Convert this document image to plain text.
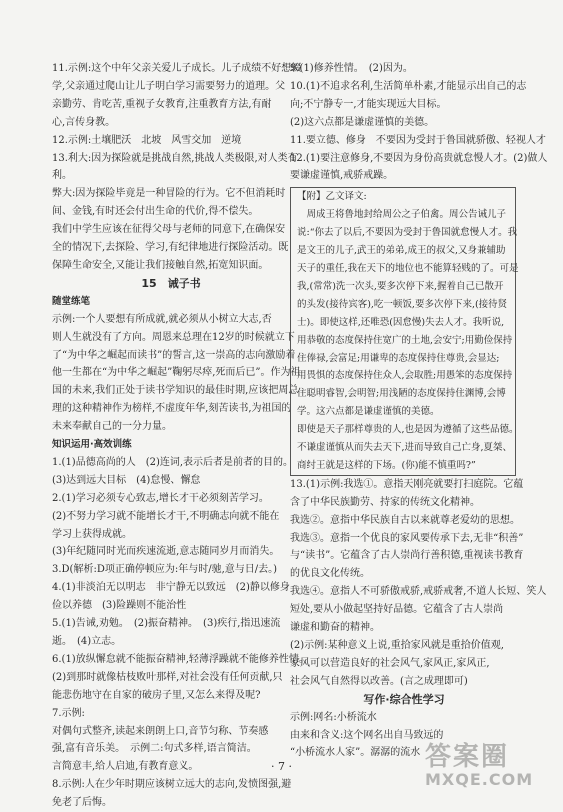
11.示例:这个中年父亲关爱儿子成长。儿子成绩不好想辍
学,父亲通过爬山让儿子明白学习需要努力的道理。父
亲勤劳、肯吃苦,重视子女教育,注重教育方法,有耐
心,言传身教。
12.示例:土壤肥沃　北坡　风雪交加　逆境
13.利大:因为探险就是挑战自然,挑战人类极限,对人类有
利。
弊大:因为探险毕竟是一种冒险的行为。它不但消耗时
间、金钱,有时还会付出生命的代价,得不偿失。
我们中学生应该在征得父母与老师的同意下,在确保安
全的情况下,去探险、学习,有纪律地进行探险活动。既
保障生命安全,又能让我们接触自然,拓宽知识面。
15　诫子书
随堂练笔
示例:一个人要想有所成就,就必须从小树立大志,否
则人生就没有了方向。周恩来总理在12岁的时候就立下
了“为中华之崛起而读书”的誓言,这一崇高的志向激励着
他一生都在“为中华之崛起”鞠躬尽瘁,死而后已”。作为祖
国的未来,我们正处于读书学知识的最佳时期,应该把周总
理的这种精神作为榜样,不虚度年华,刻苦读书,为祖国的
未来奉献自己的一分力量。
知识运用·高效训练
1.(1)品德高尚的人　(2)连词,表示后者是前者的目的。
(3)达到远大目标　(4)怠慢、懈怠
2.(1)学习必须专心致志,增长才干必须刻苦学习。
(2)不努力学习就不能增长才干,不明确志向就不能在
学习上获得成就。
(3)年纪随同时光而疾速流逝,意志随同岁月而消失。
3.D(解析:D项正确停顿应为:年与时/驰,意与日/去。)
4.(1)非淡泊无以明志　非宁静无以致远　(2)静以修身
俭以养德　(3)险躁则不能治性
5.(1)告诫,劝勉。　(2)振奋精神。　(3)疾行,指迅速流
逝。　(4)立志。
6.(1)放纵懈怠就不能振奋精神,轻薄浮躁就不能修养性情。
(2)到那时就像枯枝败叶那样,对社会没有任何贡献,只
能悲伤地守在自家的破房子里,又怎么来得及呢?
7.示例:
对偶句式整齐,读起来朗朗上口,音节匀称、节奏感
强,富有音乐美。　示例二:句式多样,语言简洁。
言简意丰,给人启迪,有教育意义。
8.示例:人在少年时期应该树立远大的志向,发愤图强,避
免老了后悔。
9.(1)修养性情。　(2)因为。
10.(1)不追求名利,生活简单朴素,才能显示出自己的志
向;不宁静专一,才能实现远大目标。
(2)这六点都是谦虚谨慎的美德。
11.要立德、修身　不要因为受封于鲁国就骄傲、轻视人才
12.(1)要注意修身,不要因为身份高贵就怠慢人才。(2)做人
要谦虚谨慎,戒骄戒躁。
【附】乙文译文:
　周成王将鲁地封给周公之子伯禽。周公告诫儿子
说:“你去了以后,不要因为受封于鲁国就怠慢人才。我
是文王的儿子,武王的弟弟,成王的叔父,又身兼辅助
天子的重任,我在天下的地位也不能算轻贱的了。可是
我,(常常)洗一次头,要多次停下来,握着自己已散开
的头发(接待宾客),吃一顿饭,要多次停下来,(接待贤
士)。即使这样,还唯恐(因怠慢)失去人才。我听说,
用恭敬的态度保持住宽广的土地,会安宁;用勤俭保持
住俸禄,会富足;用谦卑的态度保持住尊贵,会显达;
用畏惧的态度保持住众人,会取胜;用愚笨的态度保持
住聪明睿智,会明智;用浅陋的态度保持住渊博,会博
学。这六点都是谦虚谨慎的美德。
即使是天子那样尊贵的人,也是因为遵循了这些品德。
不谦虚谨慎从而失去天下,进而导致自己亡身,夏桀、
商纣王就是这样的下场。(你)能不慎重吗?”
13.(1)示例:我选①。意指天刚亮就要打扫庭院。它蕴
含了中华民族勤劳、持家的传统文化精神。
我选②。意指中华民族自古以来就尊老爱幼的思想。
我选③。意指一个优良的家风要传承下去,无非“积善”
与“读书”。它蕴含了古人崇尚行善积德,重视读书教育
的优良文化传统。
我选④。意指人不可骄傲戒骄,戒骄戒奢,不道人长短、笑人
短处,要从小做起坚持好品德。它蕴含了古人崇尚
谦虚和勤奋的精神。
(2)示例:某种意义上说,重拾家风就是重拾价值观,
家风可以营造良好的社会风气,家风正,家风正,
社会风气自然得以改善。(言之成理即可)
写作·综合性学习
示例:网名:小桥流水
由来和含义:这个网名出自马致远的
“小桥流水人家”。潺潺的流水
· 7 ·	答案圈
MXQE.COM
